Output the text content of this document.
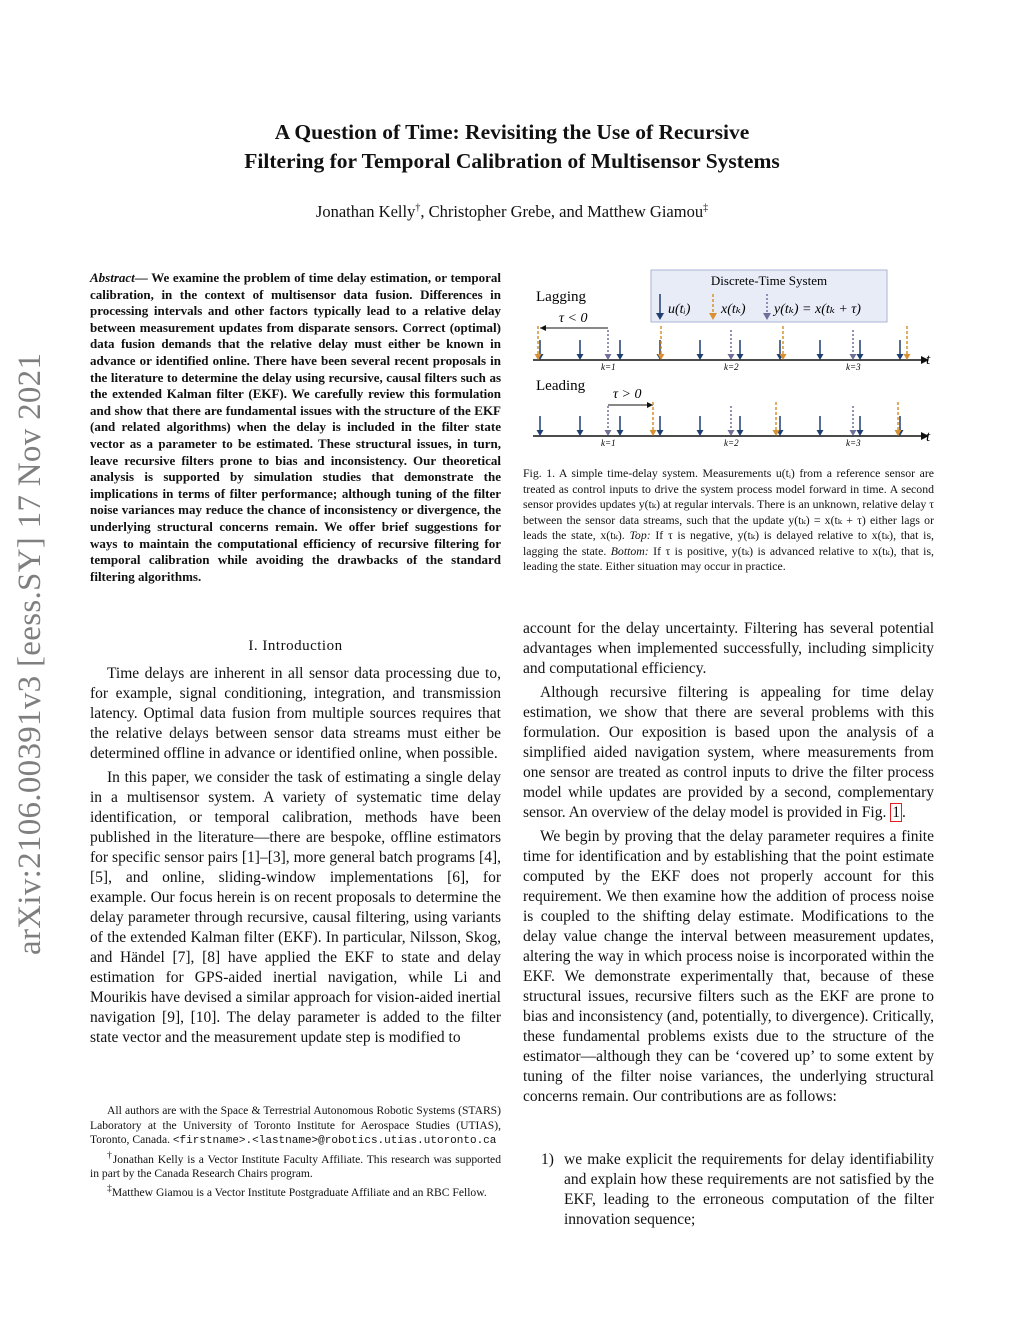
arXiv:2106.00391v3 [eess.SY] 17 Nov 2021
A Question of Time: Revisiting the Use of Recursive
Filtering for Temporal Calibration of Multisensor Systems
Jonathan Kelly†, Christopher Grebe, and Matthew Giamou‡
Abstract— We examine the problem of time delay estimation, or temporal calibration, in the context of multisensor data fusion. Differences in processing intervals and other factors typically lead to a relative delay between measurement updates from disparate sensors. Correct (optimal) data fusion demands that the relative delay must either be known in advance or identified online. There have been several recent proposals in the literature to determine the delay using recursive, causal filters such as the extended Kalman filter (EKF). We carefully review this formulation and show that there are fundamental issues with the structure of the EKF (and related algorithms) when the delay is included in the filter state vector as a parameter to be estimated. These structural issues, in turn, leave recursive filters prone to bias and inconsistency. Our theoretical analysis is supported by simulation studies that demonstrate the implications in terms of filter performance; although tuning of the filter noise variances may reduce the chance of inconsistency or divergence, the underlying structural concerns remain. We offer brief suggestions for ways to maintain the computational efficiency of recursive filtering for temporal calibration while avoiding the drawbacks of the standard filtering algorithms.
I. Introduction

Time delays are inherent in all sensor data processing due to, for example, signal conditioning, integration, and transmission latency. Optimal data fusion from multiple sources requires that the relative delays between sensor data streams must either be determined offline in advance or identified online, when possible.

In this paper, we consider the task of estimating a single delay in a multisensor system. A variety of systematic time delay identification, or temporal calibration, methods have been published in the literature—there are bespoke, offline estimators for specific sensor pairs [1]–[3], more general batch programs [4], [5], and online, sliding-window implementations [6], for example. Our focus herein is on recent proposals to determine the delay parameter through recursive, causal filtering, using variants of the extended Kalman filter (EKF). In particular, Nilsson, Skog, and Händel [7], [8] have applied the EKF to state and delay estimation for GPS-aided inertial navigation, while Li and Mourikis have devised a similar approach for vision-aided inertial navigation [9], [10]. The delay parameter is added to the filter state vector and the measurement update step is modified to

All authors are with the Space & Terrestrial Autonomous Robotic Systems (STARS) Laboratory at the University of Toronto Institute for Aerospace Studies (UTIAS), Toronto, Canada. <firstname>.<lastname>@robotics.utias.utoronto.ca

†Jonathan Kelly is a Vector Institute Faculty Affiliate. This research was supported in part by the Canada Research Chairs program.

‡Matthew Giamou is a Vector Institute Postgraduate Affiliate and an RBC Fellow.

Discrete-Time System
u(tᵢ) x(tₖ) y(tₖ) = x(tₖ + τ)
Lagging
Leading
τ < 0
τ > 0
k=1	k=2	k=3
k=1	k=2	k=3
t
t
Fig. 1. A simple time-delay system. Measurements u(tᵢ) from a reference sensor are treated as control inputs to drive the system process model forward in time. A second sensor provides updates y(tₖ) at regular intervals. There is an unknown, relative delay τ between the sensor data streams, such that the update y(tₖ) = x(tₖ + τ) either lags or leads the state, x(tₖ). Top: If τ is negative, y(tₖ) is delayed relative to x(tₖ), that is, lagging the state. Bottom: If τ is positive, y(tₖ) is advanced relative to x(tₖ), that is, leading the state. Either situation may occur in practice.

account for the delay uncertainty. Filtering has several potential advantages when implemented successfully, including simplicity and computational efficiency.

Although recursive filtering is appealing for time delay estimation, we show that there are several problems with this formulation. Our exposition is based upon the analysis of a simplified aided navigation system, where measurements from one sensor are treated as control inputs to drive the filter process model while updates are provided by a second, complementary sensor. An overview of the delay model is provided in Fig. 1 .

We begin by proving that the delay parameter requires a finite time for identification and by establishing that the point estimate computed by the EKF does not properly account for this requirement. We then examine how the addition of process noise is coupled to the shifting delay estimate. Modifications to the delay value change the interval between measurement updates, altering the way in which process noise is incorporated within the EKF. We demonstrate experimentally that, because of these structural issues, recursive filters such as the EKF are prone to bias and inconsistency (and, potentially, to divergence). Critically, these fundamental problems exists due to the structure of the estimator—although they can be ‘covered up’ to some extent by tuning of the filter noise variances, the underlying structural concerns remain. Our contributions are as follows:

1) we make explicit the requirements for delay identifiability and explain how these requirements are not satisfied by the EKF, leading to the erroneous computation of the filter innovation sequence;
